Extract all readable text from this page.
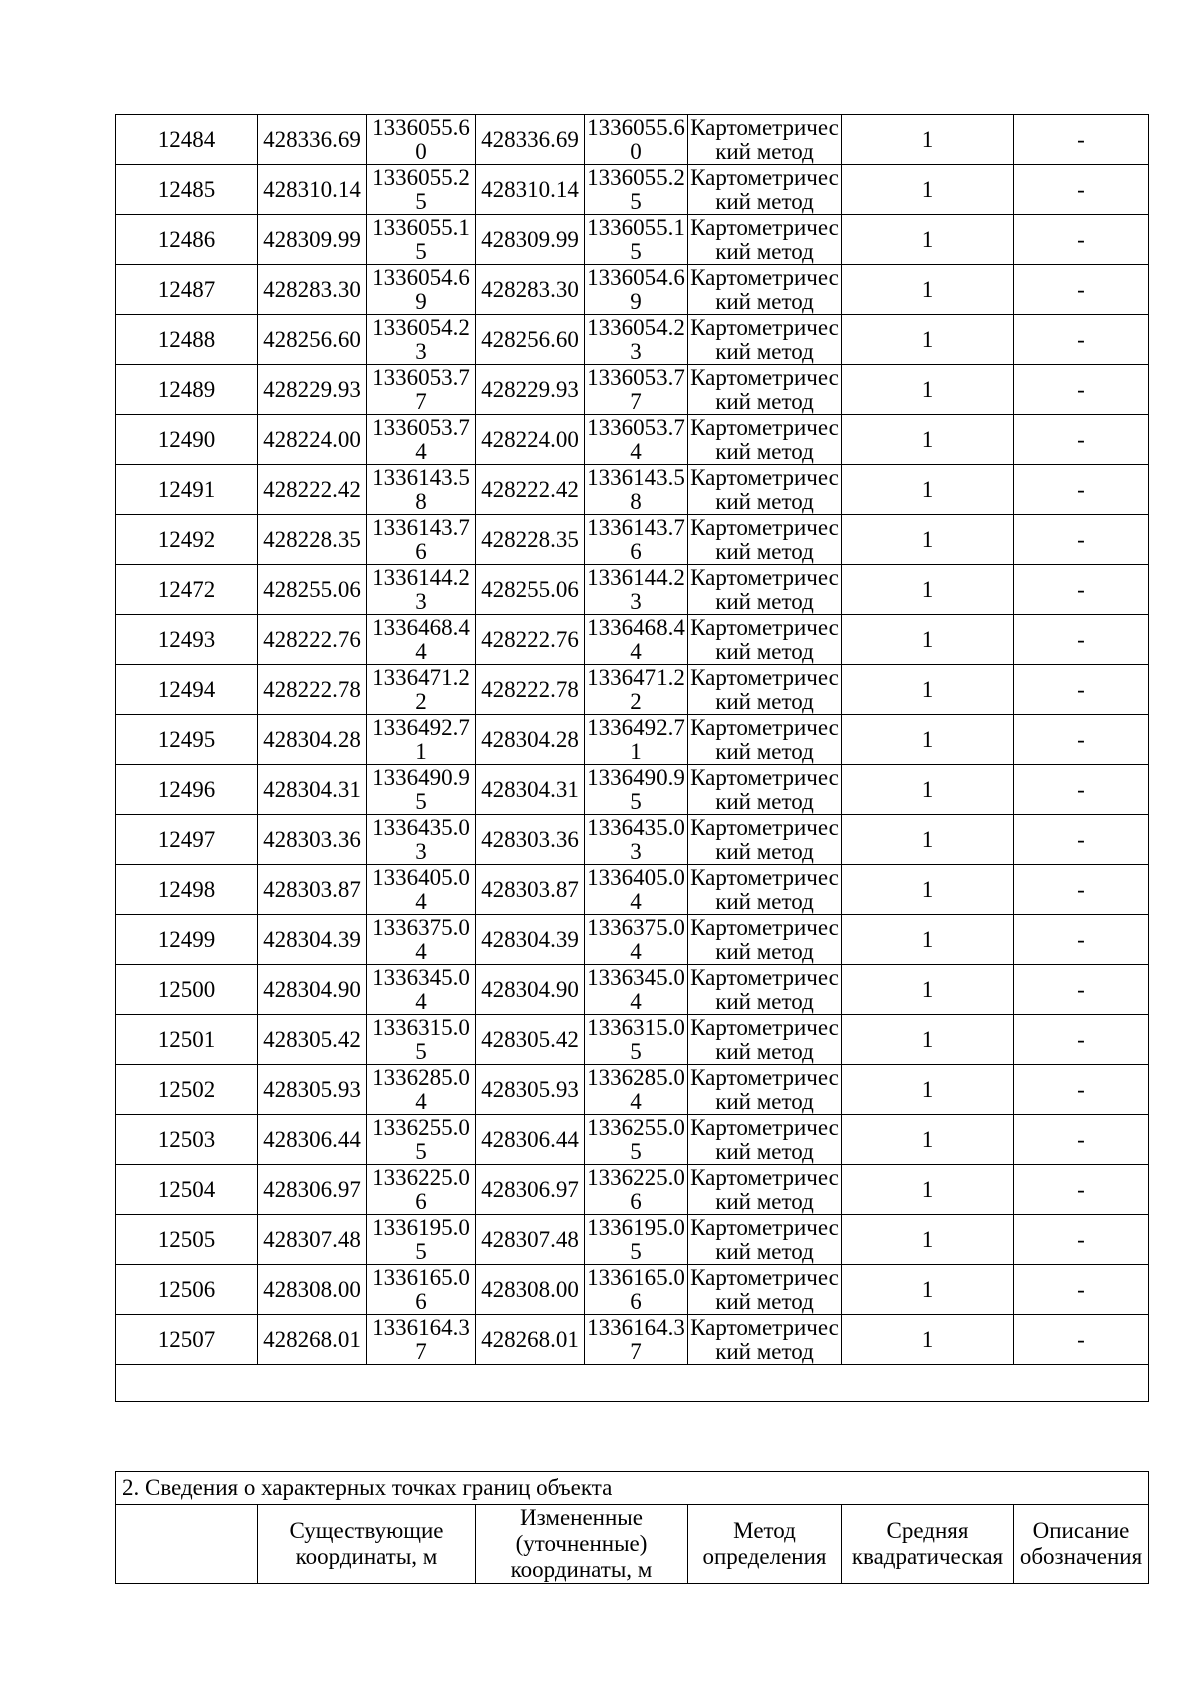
12484	428336.69	1336055.60	428336.69	1336055.60	Картометрический метод	1	-
12485	428310.14	1336055.25	428310.14	1336055.25	Картометрический метод	1	-
12486	428309.99	1336055.15	428309.99	1336055.15	Картометрический метод	1	-
12487	428283.30	1336054.69	428283.30	1336054.69	Картометрический метод	1	-
12488	428256.60	1336054.23	428256.60	1336054.23	Картометрический метод	1	-
12489	428229.93	1336053.77	428229.93	1336053.77	Картометрический метод	1	-
12490	428224.00	1336053.74	428224.00	1336053.74	Картометрический метод	1	-
12491	428222.42	1336143.58	428222.42	1336143.58	Картометрический метод	1	-
12492	428228.35	1336143.76	428228.35	1336143.76	Картометрический метод	1	-
12472	428255.06	1336144.23	428255.06	1336144.23	Картометрический метод	1	-
12493	428222.76	1336468.44	428222.76	1336468.44	Картометрический метод	1	-
12494	428222.78	1336471.22	428222.78	1336471.22	Картометрический метод	1	-
12495	428304.28	1336492.71	428304.28	1336492.71	Картометрический метод	1	-
12496	428304.31	1336490.95	428304.31	1336490.95	Картометрический метод	1	-
12497	428303.36	1336435.03	428303.36	1336435.03	Картометрический метод	1	-
12498	428303.87	1336405.04	428303.87	1336405.04	Картометрический метод	1	-
12499	428304.39	1336375.04	428304.39	1336375.04	Картометрический метод	1	-
12500	428304.90	1336345.04	428304.90	1336345.04	Картометрический метод	1	-
12501	428305.42	1336315.05	428305.42	1336315.05	Картометрический метод	1	-
12502	428305.93	1336285.04	428305.93	1336285.04	Картометрический метод	1	-
12503	428306.44	1336255.05	428306.44	1336255.05	Картометрический метод	1	-
12504	428306.97	1336225.06	428306.97	1336225.06	Картометрический метод	1	-
12505	428307.48	1336195.05	428307.48	1336195.05	Картометрический метод	1	-
12506	428308.00	1336165.06	428308.00	1336165.06	Картометрический метод	1	-
12507	428268.01	1336164.37	428268.01	1336164.37	Картометрический метод	1	-

2. Сведения о характерных точках границ объекта
	Существующие координаты, м	Измененные (уточненные) координаты, м	Метод определения	Средняя квадратическая	Описание обозначения
